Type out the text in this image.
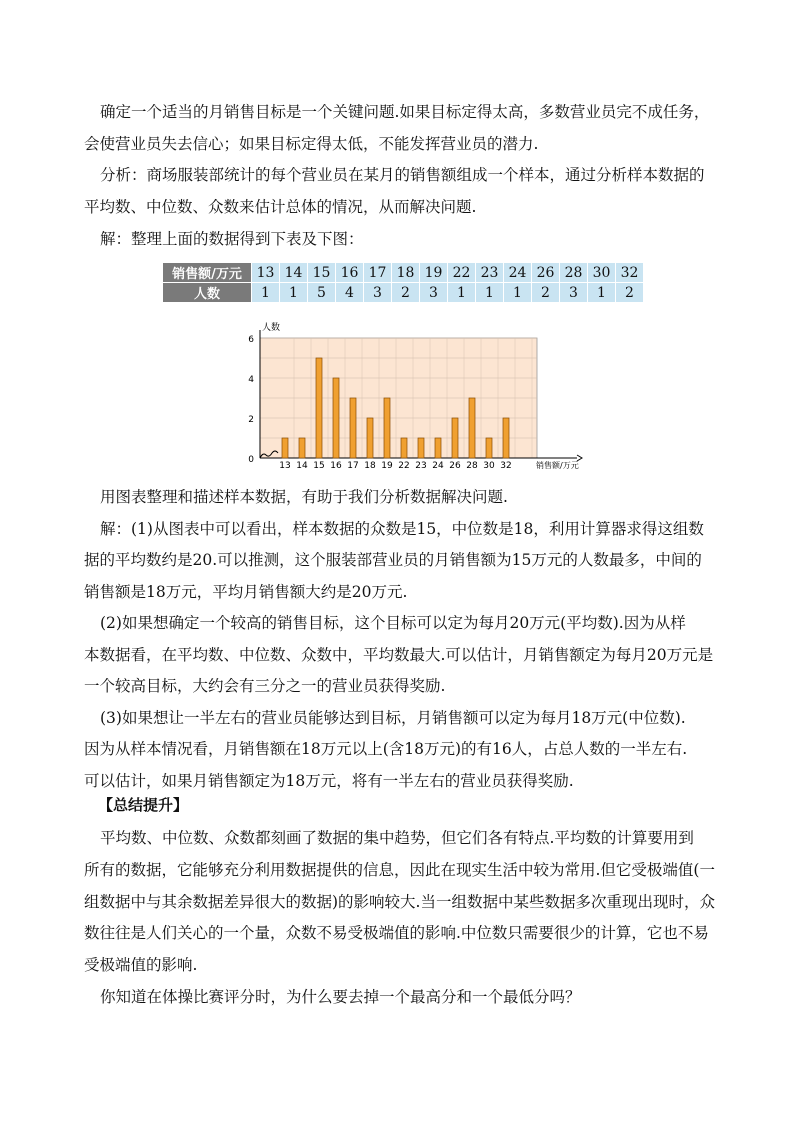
确定一个适当的月销售目标是一个关键问题.如果目标定得太高，多数营业员完不成任务，
会使营业员失去信心；如果目标定得太低，不能发挥营业员的潜力.
分析：商场服装部统计的每个营业员在某月的销售额组成一个样本，通过分析样本数据的
平均数、中位数、众数来估计总体的情况，从而解决问题.
解：整理上面的数据得到下表及下图：
销售额/万元	13	14	15	16	17	18	19	22	23	24	26	28	30	32
人数	1	1	5	4	3	2	3	1	1	1	2	3	1	2
0
2
4
6
人数
13 14 15 16 17 18 19 22 23 24 26 28 30 32	销售额/万元
用图表整理和描述样本数据，有助于我们分析数据解决问题.
解：(1)从图表中可以看出，样本数据的众数是15，中位数是18，利用计算器求得这组数
据的平均数约是20.可以推测，这个服装部营业员的月销售额为15万元的人数最多，中间的
销售额是18万元，平均月销售额大约是20万元.
(2)如果想确定一个较高的销售目标，这个目标可以定为每月20万元(平均数).因为从样
本数据看，在平均数、中位数、众数中，平均数最大.可以估计，月销售额定为每月20万元是
一个较高目标，大约会有三分之一的营业员获得奖励.
(3)如果想让一半左右的营业员能够达到目标，月销售额可以定为每月18万元(中位数).
因为从样本情况看，月销售额在18万元以上(含18万元)的有16人，占总人数的一半左右.
可以估计，如果月销售额定为18万元，将有一半左右的营业员获得奖励.
【总结提升】
平均数、中位数、众数都刻画了数据的集中趋势，但它们各有特点.平均数的计算要用到
所有的数据，它能够充分利用数据提供的信息，因此在现实生活中较为常用.但它受极端值(一
组数据中与其余数据差异很大的数据)的影响较大.当一组数据中某些数据多次重现出现时，众
数往往是人们关心的一个量，众数不易受极端值的影响.中位数只需要很少的计算，它也不易
受极端值的影响.
你知道在体操比赛评分时，为什么要去掉一个最高分和一个最低分吗？
